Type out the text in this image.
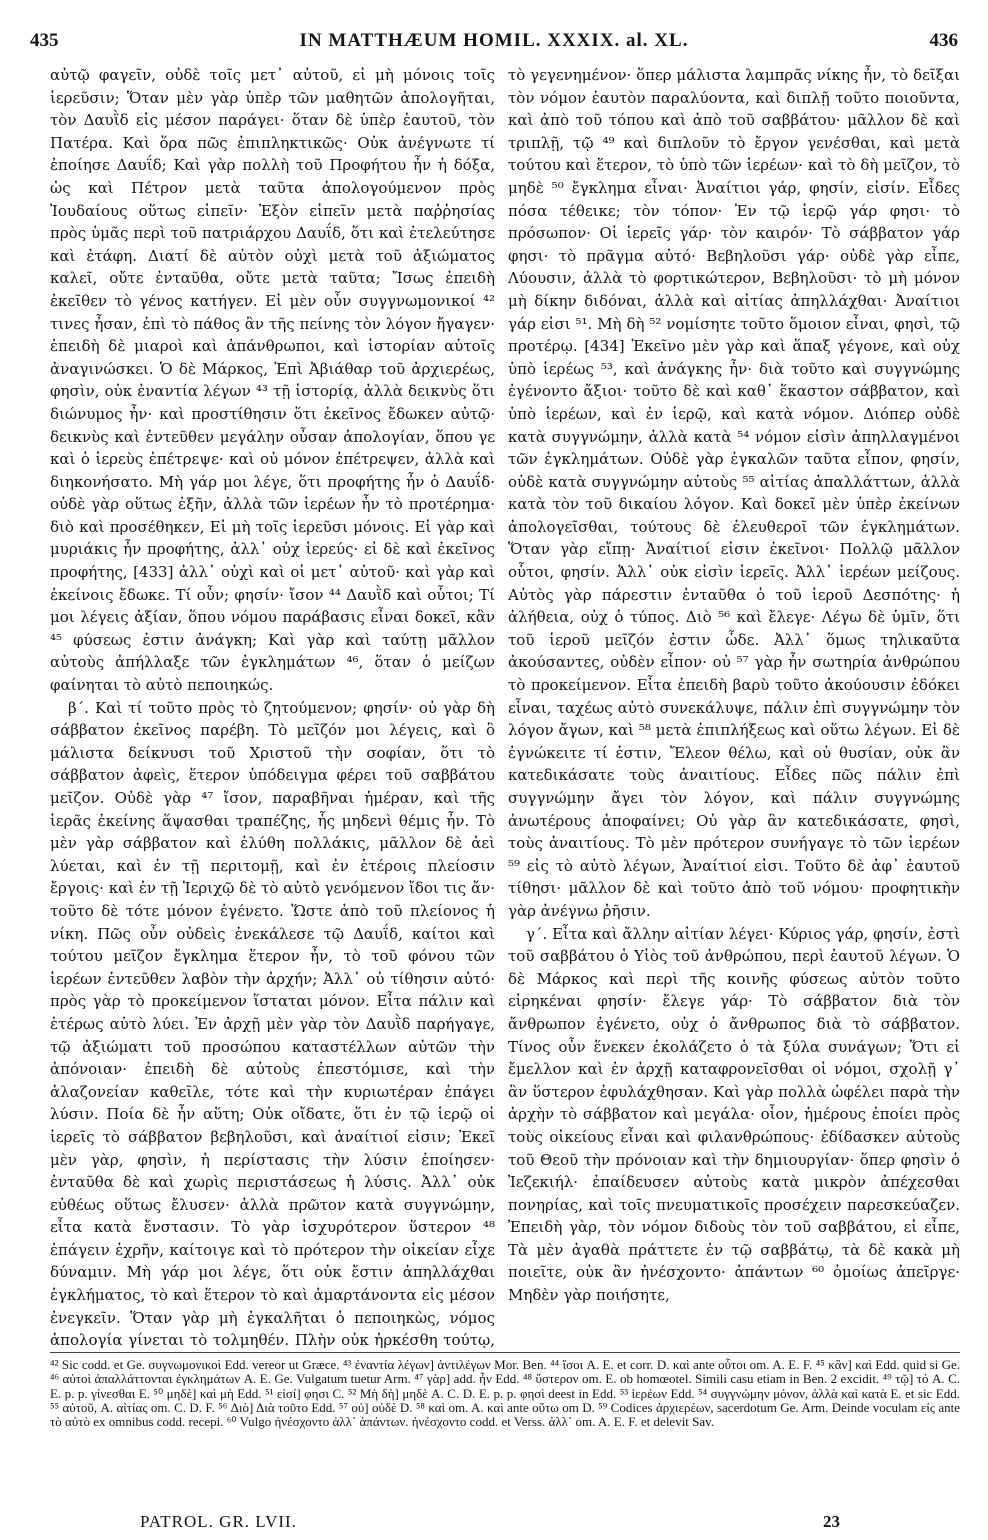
435	IN MATTHÆUM HOMIL. XXXIX. al. XL.	436

αὐτῷ φαγεῖν, οὐδὲ τοῖς μετ᾽ αὐτοῦ, εἰ μὴ μόνοις τοῖς ἱερεῦσιν; Ὅταν μὲν γὰρ ὑπὲρ τῶν μαθητῶν ἀπολογῆται, τὸν Δαυῒδ εἰς μέσον παράγει· ὅταν δὲ ὑπὲρ ἑαυτοῦ, τὸν Πατέρα. Καὶ ὅρα πῶς ἐπιπληκτικῶς· Οὐκ ἀνέγνωτε τί ἐποίησε Δαυΐδ; Καὶ γὰρ πολλὴ τοῦ Προφήτου ἦν ἡ δόξα, ὡς καὶ Πέτρον μετὰ ταῦτα ἀπολογούμενον πρὸς Ἰουδαίους οὕτως εἰπεῖν· Ἐξὸν εἰπεῖν μετὰ παῤῥησίας πρὸς ὑμᾶς περὶ τοῦ πατριάρχου Δαυΐδ, ὅτι καὶ ἐτελεύτησε καὶ ἐτάφη. Διατί δὲ αὐτὸν οὐχὶ μετὰ τοῦ ἀξιώματος καλεῖ, οὔτε ἐνταῦθα, οὔτε μετὰ ταῦτα; Ἴσως ἐπειδὴ ἐκεῖθεν τὸ γένος κατήγεν. Εἰ μὲν οὖν συγγνωμονικοί ⁴² τινες ἦσαν, ἐπὶ τὸ πάθος ἂν τῆς πείνης τὸν λόγον ἤγαγεν· ἐπειδὴ δὲ μιαροὶ καὶ ἀπάνθρωποι, καὶ ἱστορίαν αὐτοῖς ἀναγινώσκει. Ὁ δὲ Μάρκος, Ἐπὶ Ἀβιάθαρ τοῦ ἀρχιερέως, φησὶν, οὐκ ἐναντία λέγων ⁴³ τῇ ἱστορίᾳ, ἀλλὰ δεικνὺς ὅτι διώνυμος ἦν· καὶ προστίθησιν ὅτι ἐκεῖνος ἔδωκεν αὐτῷ· δεικνὺς καὶ ἐντεῦθεν μεγάλην οὖσαν ἀπολογίαν, ὅπου γε καὶ ὁ ἱερεὺς ἐπέτρεψε· καὶ οὐ μόνον ἐπέτρεψεν, ἀλλὰ καὶ διηκονήσατο. Μὴ γάρ μοι λέγε, ὅτι προφήτης ἦν ὁ Δαυΐδ· οὐδὲ γὰρ οὕτως ἐξῆν, ἀλλὰ τῶν ἱερέων ἦν τὸ προτέρημα· διὸ καὶ προσέθηκεν, Εἰ μὴ τοῖς ἱερεῦσι μόνοις. Εἰ γὰρ καὶ μυριάκις ἦν προφήτης, ἀλλ᾽ οὐχ ἱερεύς· εἰ δὲ καὶ ἐκεῖνος προφήτης, [433] ἀλλ᾽ οὐχὶ καὶ οἱ μετ᾽ αὐτοῦ· καὶ γὰρ καὶ ἐκείνοις ἔδωκε. Τί οὖν; φησίν· ἴσον ⁴⁴ Δαυῒδ καὶ οὗτοι; Τί μοι λέγεις ἀξίαν, ὅπου νόμου παράβασις εἶναι δοκεῖ, κἂν ⁴⁵ φύσεως ἐστιν ἀνάγκη; Καὶ γὰρ καὶ ταύτῃ μᾶλλον αὐτοὺς ἀπήλλαξε τῶν ἐγκλημάτων ⁴⁶, ὅταν ὁ μείζων φαίνηται τὸ αὐτὸ πεποιηκώς.

β΄. Καὶ τί τοῦτο πρὸς τὸ ζητούμενον; φησίν· οὐ γὰρ δὴ σάββατον ἐκεῖνος παρέβη. Τὸ μεῖζόν μοι λέγεις, καὶ ὃ μάλιστα δείκνυσι τοῦ Χριστοῦ τὴν σοφίαν, ὅτι τὸ σάββατον ἀφεὶς, ἕτερον ὑπόδειγμα φέρει τοῦ σαββάτου μεῖζον. Οὐδὲ γὰρ ⁴⁷ ἴσον, παραβῆναι ἡμέραν, καὶ τῆς ἱερᾶς ἐκείνης ἅψασθαι τραπέζης, ἧς μηδενὶ θέμις ἦν. Τὸ μὲν γὰρ σάββατον καὶ ἐλύθη πολλάκις, μᾶλλον δὲ ἀεὶ λύεται, καὶ ἐν τῇ περιτομῇ, καὶ ἐν ἑτέροις πλείοσιν ἔργοις· καὶ ἐν τῇ Ἱεριχῷ δὲ τὸ αὐτὸ γενόμενον ἴδοι τις ἄν· τοῦτο δὲ τότε μόνον ἐγένετο. Ὥστε ἀπὸ τοῦ πλείονος ἡ νίκη. Πῶς οὖν οὐδεὶς ἐνεκάλεσε τῷ Δαυΐδ, καίτοι καὶ τούτου μεῖζον ἔγκλημα ἕτερον ἦν, τὸ τοῦ φόνου τῶν ἱερέων ἐντεῦθεν λαβὸν τὴν ἀρχήν; Ἀλλ᾽ οὐ τίθησιν αὐτό· πρὸς γὰρ τὸ προκείμενον ἵσταται μόνον. Εἶτα πάλιν καὶ ἑτέρως αὐτὸ λύει. Ἐν ἀρχῇ μὲν γὰρ τὸν Δαυῒδ παρήγαγε, τῷ ἀξιώματι τοῦ προσώπου καταστέλλων αὐτῶν τὴν ἀπόνοιαν· ἐπειδὴ δὲ αὐτοὺς ἐπεστόμισε, καὶ τὴν ἀλαζονείαν καθεῖλε, τότε καὶ τὴν κυριωτέραν ἐπάγει λύσιν. Ποία δὲ ἦν αὕτη; Οὐκ οἴδατε, ὅτι ἐν τῷ ἱερῷ οἱ ἱερεῖς τὸ σάββατον βεβηλοῦσι, καὶ ἀναίτιοί εἰσιν; Ἐκεῖ μὲν γὰρ, φησὶν, ἡ περίστασις τὴν λύσιν ἐποίησεν· ἐνταῦθα δὲ καὶ χωρὶς περιστάσεως ἡ λύσις. Ἀλλ᾽ οὐκ εὐθέως οὕτως ἔλυσεν· ἀλλὰ πρῶτον κατὰ συγγνώμην, εἶτα κατὰ ἔνστασιν. Τὸ γὰρ ἰσχυρότερον ὕστερον ⁴⁸ ἐπάγειν ἐχρῆν, καίτοιγε καὶ τὸ πρότερον τὴν οἰκείαν εἶχε δύναμιν. Μὴ γάρ μοι λέγε, ὅτι οὐκ ἔστιν ἀπηλλάχθαι ἐγκλήματος, τὸ καὶ ἕτερον τὸ καὶ ἁμαρτάνοντα εἰς μέσον ἐνεγκεῖν. Ὅταν γὰρ μὴ ἐγκαλῆται ὁ πεποιηκὼς, νόμος ἀπολογία γίνεται τὸ τολμηθέν. Πλὴν οὐκ ἠρκέσθη τούτῳ,

τὸ γεγενημένον· ὅπερ μάλιστα λαμπρᾶς νίκης ἦν, τὸ δεῖξαι τὸν νόμον ἑαυτὸν παραλύοντα, καὶ διπλῇ τοῦτο ποιοῦντα, καὶ ἀπὸ τοῦ τόπου καὶ ἀπὸ τοῦ σαββάτου· μᾶλλον δὲ καὶ τριπλῇ, τῷ ⁴⁹ καὶ διπλοῦν τὸ ἔργον γενέσθαι, καὶ μετὰ τούτου καὶ ἕτερον, τὸ ὑπὸ τῶν ἱερέων· καὶ τὸ δὴ μεῖζον, τὸ μηδὲ ⁵⁰ ἔγκλημα εἶναι· Ἀναίτιοι γάρ, φησίν, εἰσίν. Εἶδες πόσα τέθεικε; τὸν τόπον· Ἐν τῷ ἱερῷ γάρ φησι· τὸ πρόσωπον· Οἱ ἱερεῖς γάρ· τὸν καιρόν· Τὸ σάββατον γάρ φησι· τὸ πρᾶγμα αὐτό· Βεβηλοῦσι γάρ· οὐδὲ γὰρ εἶπε, Λύουσιν, ἀλλὰ τὸ φορτικώτερον, Βεβηλοῦσι· τὸ μὴ μόνον μὴ δίκην διδόναι, ἀλλὰ καὶ αἰτίας ἀπηλλάχθαι· Ἀναίτιοι γάρ εἰσι ⁵¹. Μὴ δὴ ⁵² νομίσητε τοῦτο ὅμοιον εἶναι, φησὶ, τῷ προτέρῳ. [434] Ἐκεῖνο μὲν γὰρ καὶ ἅπαξ γέγονε, καὶ οὐχ ὑπὸ ἱερέως ⁵³, καὶ ἀνάγκης ἦν· διὰ τοῦτο καὶ συγγνώμης ἐγένοντο ἄξιοι· τοῦτο δὲ καὶ καθ᾽ ἕκαστον σάββατον, καὶ ὑπὸ ἱερέων, καὶ ἐν ἱερῷ, καὶ κατὰ νόμον. Διόπερ οὐδὲ κατὰ συγγνώμην, ἀλλὰ κατὰ ⁵⁴ νόμον εἰσὶν ἀπηλλαγμένοι τῶν ἐγκλημάτων. Οὐδὲ γὰρ ἐγκαλῶν ταῦτα εἶπον, φησίν, οὐδὲ κατὰ συγγνώμην αὐτοὺς ⁵⁵ αἰτίας ἀπαλλάττων, ἀλλὰ κατὰ τὸν τοῦ δικαίου λόγον. Καὶ δοκεῖ μὲν ὑπὲρ ἐκείνων ἀπολογεῖσθαι, τούτους δὲ ἐλευθεροῖ τῶν ἐγκλημάτων. Ὅταν γὰρ εἴπῃ· Ἀναίτιοί εἰσιν ἐκεῖνοι· Πολλῷ μᾶλλον οὗτοι, φησίν. Ἀλλ᾽ οὐκ εἰσὶν ἱερεῖς. Ἀλλ᾽ ἱερέων μείζους. Αὐτὸς γὰρ πάρεστιν ἐνταῦθα ὁ τοῦ ἱεροῦ Δεσπότης· ἡ ἀλήθεια, οὐχ ὁ τύπος. Διὸ ⁵⁶ καὶ ἔλεγε· Λέγω δὲ ὑμῖν, ὅτι τοῦ ἱεροῦ μεῖζόν ἐστιν ὧδε. Ἀλλ᾽ ὅμως τηλικαῦτα ἀκούσαντες, οὐδὲν εἶπον· οὐ ⁵⁷ γὰρ ἦν σωτηρία ἀνθρώπου τὸ προκείμενον. Εἶτα ἐπειδὴ βαρὺ τοῦτο ἀκούουσιν ἐδόκει εἶναι, ταχέως αὐτὸ συνεκάλυψε, πάλιν ἐπὶ συγγνώμην τὸν λόγον ἄγων, καὶ ⁵⁸ μετὰ ἐπιπλήξεως καὶ οὕτω λέγων. Εἰ δὲ ἐγνώκειτε τί ἐστιν, Ἔλεον θέλω, καὶ οὐ θυσίαν, οὐκ ἂν κατεδικάσατε τοὺς ἀναιτίους. Εἶδες πῶς πάλιν ἐπὶ συγγνώμην ἄγει τὸν λόγον, καὶ πάλιν συγγνώμης ἀνωτέρους ἀποφαίνει; Οὐ γὰρ ἂν κατεδικάσατε, φησὶ, τοὺς ἀναιτίους. Τὸ μὲν πρότερον συνήγαγε τὸ τῶν ἱερέων ⁵⁹ εἰς τὸ αὐτὸ λέγων, Ἀναίτιοί εἰσι. Τοῦτο δὲ ἀφ᾽ ἑαυτοῦ τίθησι· μᾶλλον δὲ καὶ τοῦτο ἀπὸ τοῦ νόμου· προφητικὴν γὰρ ἀνέγνω ῥῆσιν.

γ΄. Εἶτα καὶ ἄλλην αἰτίαν λέγει· Κύριος γάρ, φησίν, ἐστὶ τοῦ σαββάτου ὁ Υἱὸς τοῦ ἀνθρώπου, περὶ ἑαυτοῦ λέγων. Ὁ δὲ Μάρκος καὶ περὶ τῆς κοινῆς φύσεως αὐτὸν τοῦτο εἰρηκέναι φησίν· ἔλεγε γάρ· Τὸ σάββατον διὰ τὸν ἄνθρωπον ἐγένετο, οὐχ ὁ ἄνθρωπος διὰ τὸ σάββατον. Τίνος οὖν ἕνεκεν ἐκολάζετο ὁ τὰ ξύλα συνάγων; Ὅτι εἰ ἔμελλον καὶ ἐν ἀρχῇ καταφρονεῖσθαι οἱ νόμοι, σχολῇ γ᾽ ἂν ὕστερον ἐφυλάχθησαν. Καὶ γὰρ πολλὰ ὠφέλει παρὰ τὴν ἀρχὴν τὸ σάββατον καὶ μεγάλα· οἷον, ἡμέρους ἐποίει πρὸς τοὺς οἰκείους εἶναι καὶ φιλανθρώπους· ἐδίδασκεν αὐτοὺς τοῦ Θεοῦ τὴν πρόνοιαν καὶ τὴν δημιουργίαν· ὅπερ φησὶν ὁ Ἰεζεκιήλ· ἐπαίδευσεν αὐτοὺς κατὰ μικρὸν ἀπέχεσθαι πονηρίας, καὶ τοῖς πνευματικοῖς προσέχειν παρεσκεύαζεν. Ἐπειδὴ γὰρ, τὸν νόμον διδοὺς τὸν τοῦ σαββάτου, εἰ εἶπε, Τὰ μὲν ἀγαθὰ πράττετε ἐν τῷ σαββάτῳ, τὰ δὲ κακὰ μὴ ποιεῖτε, οὐκ ἂν ἠνέσχοντο· ἁπάντων ⁶⁰ ὁμοίως ἀπεῖργε· Μηδὲν γὰρ ποιήσητε,

⁴² Sic codd. et Ge. συγνωμονικοὶ Edd. vereor ut Græce. ⁴³ ἐναντία λέγων] ἀντιλέγων Mor. Ben. ⁴⁴ ἴσοι A. E. et corr. D. καὶ ante οὗτοι om. A. E. F. ⁴⁵ κἂν] καὶ Edd. quid si Ge. ⁴⁶ αὐτοὶ ἀπαλλάττονται ἐγκλημάτων A. E. Ge. Vulgatum tuetur Arm. ⁴⁷ γὰρ] add. ἦν Edd. ⁴⁸ ὕστερον om. E. ob homœotel. Simili casu etiam in Ben. 2 excidit. ⁴⁹ τῷ] τό A. C. E. p. p. γίνεσθαι E. ⁵⁰ μηδὲ] καὶ μὴ Edd. ⁵¹ εἰσί] φησι C. ⁵² Μὴ δὴ] μηδὲ A. C. D. E. p. p. φησὶ deest in Edd. ⁵³ ἱερέων Edd. ⁵⁴ συγγνώμην μόνον, ἀλλὰ καὶ κατὰ E. et sic Edd. ⁵⁵ αὐτοῦ, A. αἰτίας om. C. D. F. ⁵⁶ Διὸ] Διὰ τοῦτο Edd. ⁵⁷ οὐ] οὐδὲ D. ⁵⁸ καὶ om. A. καὶ ante οὕτω om D. ⁵⁹ Codices ἀρχιερέων, sacerdotum Ge. Arm. Deinde voculam εἰς ante τὸ αὐτὸ ex omnibus codd. recepi. ⁶⁰ Vulgo ἠνέσχοντο ἀλλ᾽ ἁπάντων. ἠνέσχοντο codd. et Verss. ἀλλ᾽ om. A. E. F. et delevit Sav.
PATROL. GR. LVII.	23
